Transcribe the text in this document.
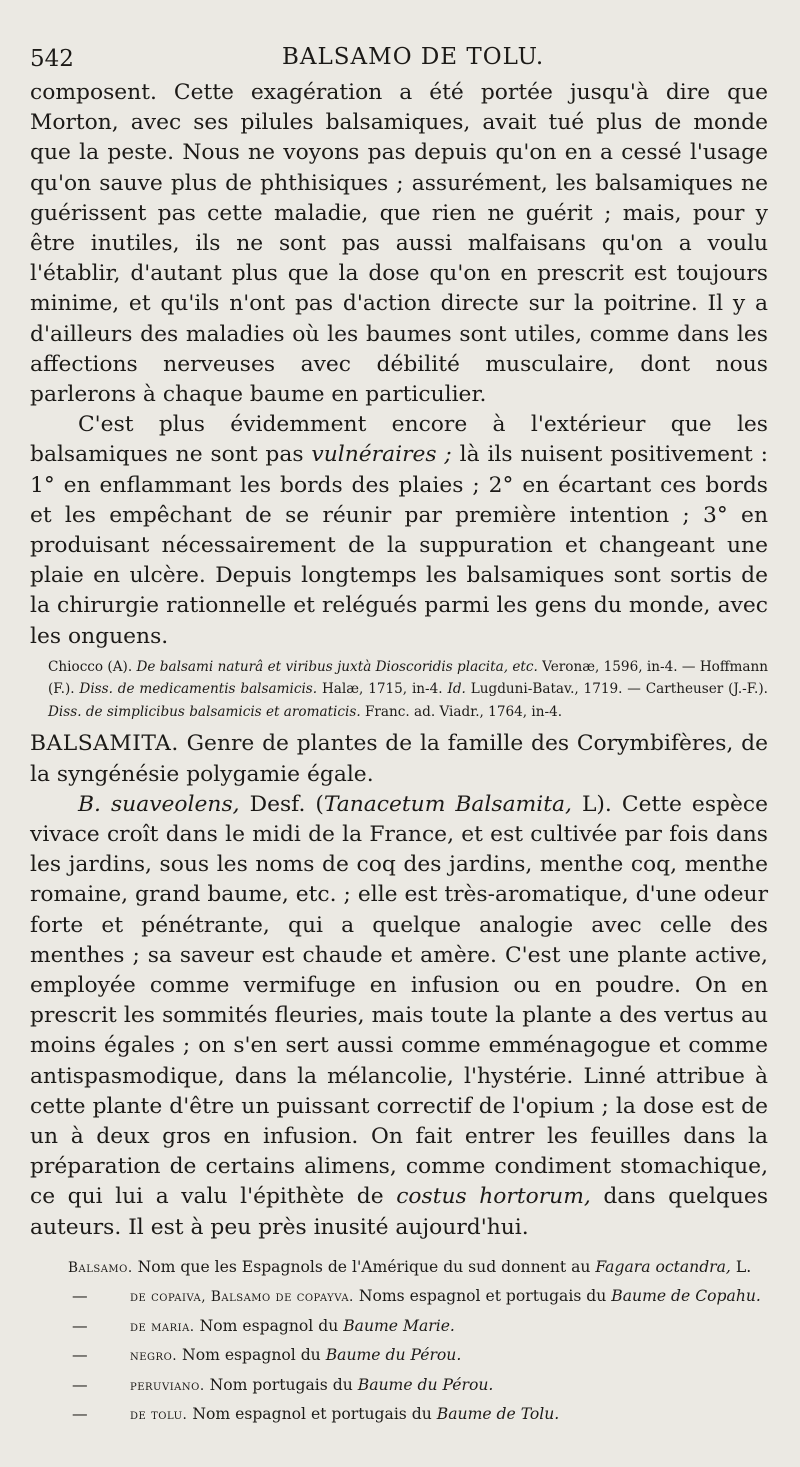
542	BALSAMO DE TOLU.

composent. Cette exagération a été portée jusqu'à dire que Morton, avec ses pilules balsamiques, avait tué plus de monde que la peste. Nous ne voyons pas depuis qu'on en a cessé l'usage qu'on sauve plus de phthisiques ; assurément, les balsamiques ne guérissent pas cette maladie, que rien ne guérit ; mais, pour y être inutiles, ils ne sont pas aussi malfaisans qu'on a voulu l'établir, d'autant plus que la dose qu'on en prescrit est toujours minime, et qu'ils n'ont pas d'action directe sur la poitrine. Il y a d'ailleurs des maladies où les baumes sont utiles, comme dans les affections nerveuses avec débilité musculaire, dont nous parlerons à chaque baume en particulier.

C'est plus évidemment encore à l'extérieur que les balsamiques ne sont pas vulnéraires ; là ils nuisent positivement : 1° en enflammant les bords des plaies ; 2° en écartant ces bords et les empêchant de se réunir par première intention ; 3° en produisant nécessairement de la suppuration et changeant une plaie en ulcère. Depuis longtemps les balsamiques sont sortis de la chirurgie rationnelle et relégués parmi les gens du monde, avec les onguens.

Chiocco (A). De balsami naturâ et viribus juxtà Dioscoridis placita, etc. Veronæ, 1596, in-4. — Hoffmann (F.). Diss. de medicamentis balsamicis. Halæ, 1715, in-4. Id. Lugduni-Batav., 1719. — Cartheuser (J.-F.). Diss. de simplicibus balsamicis et aromaticis. Franc. ad. Viadr., 1764, in-4.

BALSAMITA. Genre de plantes de la famille des Corymbifères, de la syngénésie polygamie égale.

B. suaveolens, Desf. (Tanacetum Balsamita, L). Cette espèce vivace croît dans le midi de la France, et est cultivée par fois dans les jardins, sous les noms de coq des jardins, menthe coq, menthe romaine, grand baume, etc. ; elle est très-aromatique, d'une odeur forte et pénétrante, qui a quelque analogie avec celle des menthes ; sa saveur est chaude et amère. C'est une plante active, employée comme vermifuge en infusion ou en poudre. On en prescrit les sommités fleuries, mais toute la plante a des vertus au moins égales ; on s'en sert aussi comme emménagogue et comme antispasmodique, dans la mélancolie, l'hystérie. Linné attribue à cette plante d'être un puissant correctif de l'opium ; la dose est de un à deux gros en infusion. On fait entrer les feuilles dans la préparation de certains alimens, comme condiment stomachique, ce qui lui a valu l'épithète de costus hortorum, dans quelques auteurs. Il est à peu près inusité aujourd'hui.

Balsamo. Nom que les Espagnols de l'Amérique du sud donnent au Fagara octandra, L.
—	de copaiva, Balsamo de copayva. Noms espagnol et portugais du Baume de Copahu.
—	de maria. Nom espagnol du Baume Marie.
—	negro. Nom espagnol du Baume du Pérou.
—	peruviano. Nom portugais du Baume du Pérou.
—	de tolu. Nom espagnol et portugais du Baume de Tolu.
